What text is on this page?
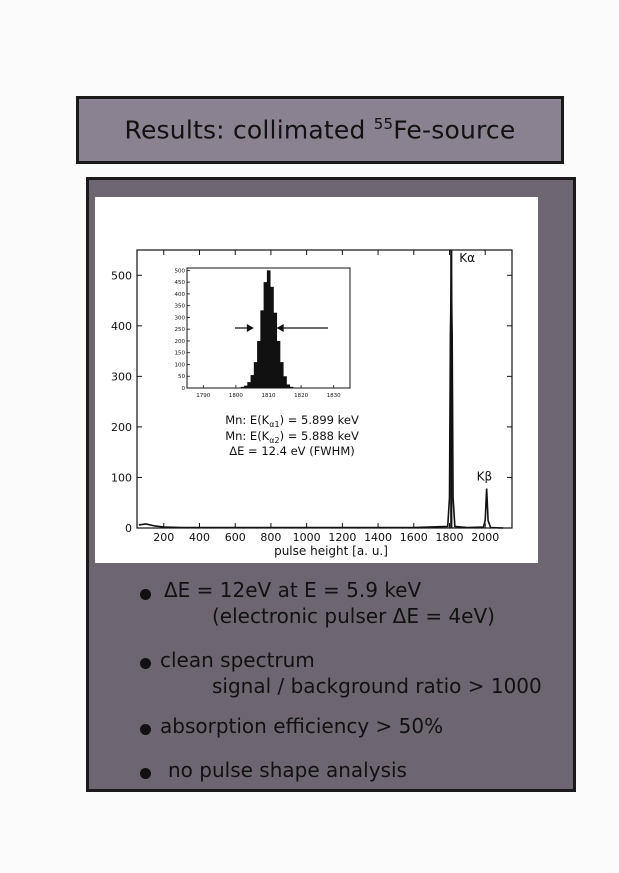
Results: collimated $^{55}$Fe-source
200 400 600 800 1000 1200 1400 1600 1800 2000
0
100
200
300
400
500
Kα
Kβ
1790	1800	1810	1820	1830
0
50
100
150
200
250
300
350
400
450
500
Mn: $E(K_{\alpha 1}) = 5.899$ keV
Mn: $E(K_{\alpha 2}) = 5.888$ keV
ΔE = 12.4 eV (FWHM)
pulse height [a. u.]
ΔE = 12eV at E = 5.9 keV
(electronic pulser ΔE = 4eV)
clean spectrum
signal / background ratio > 1000
absorption efficiency > 50%
no pulse shape analysis
